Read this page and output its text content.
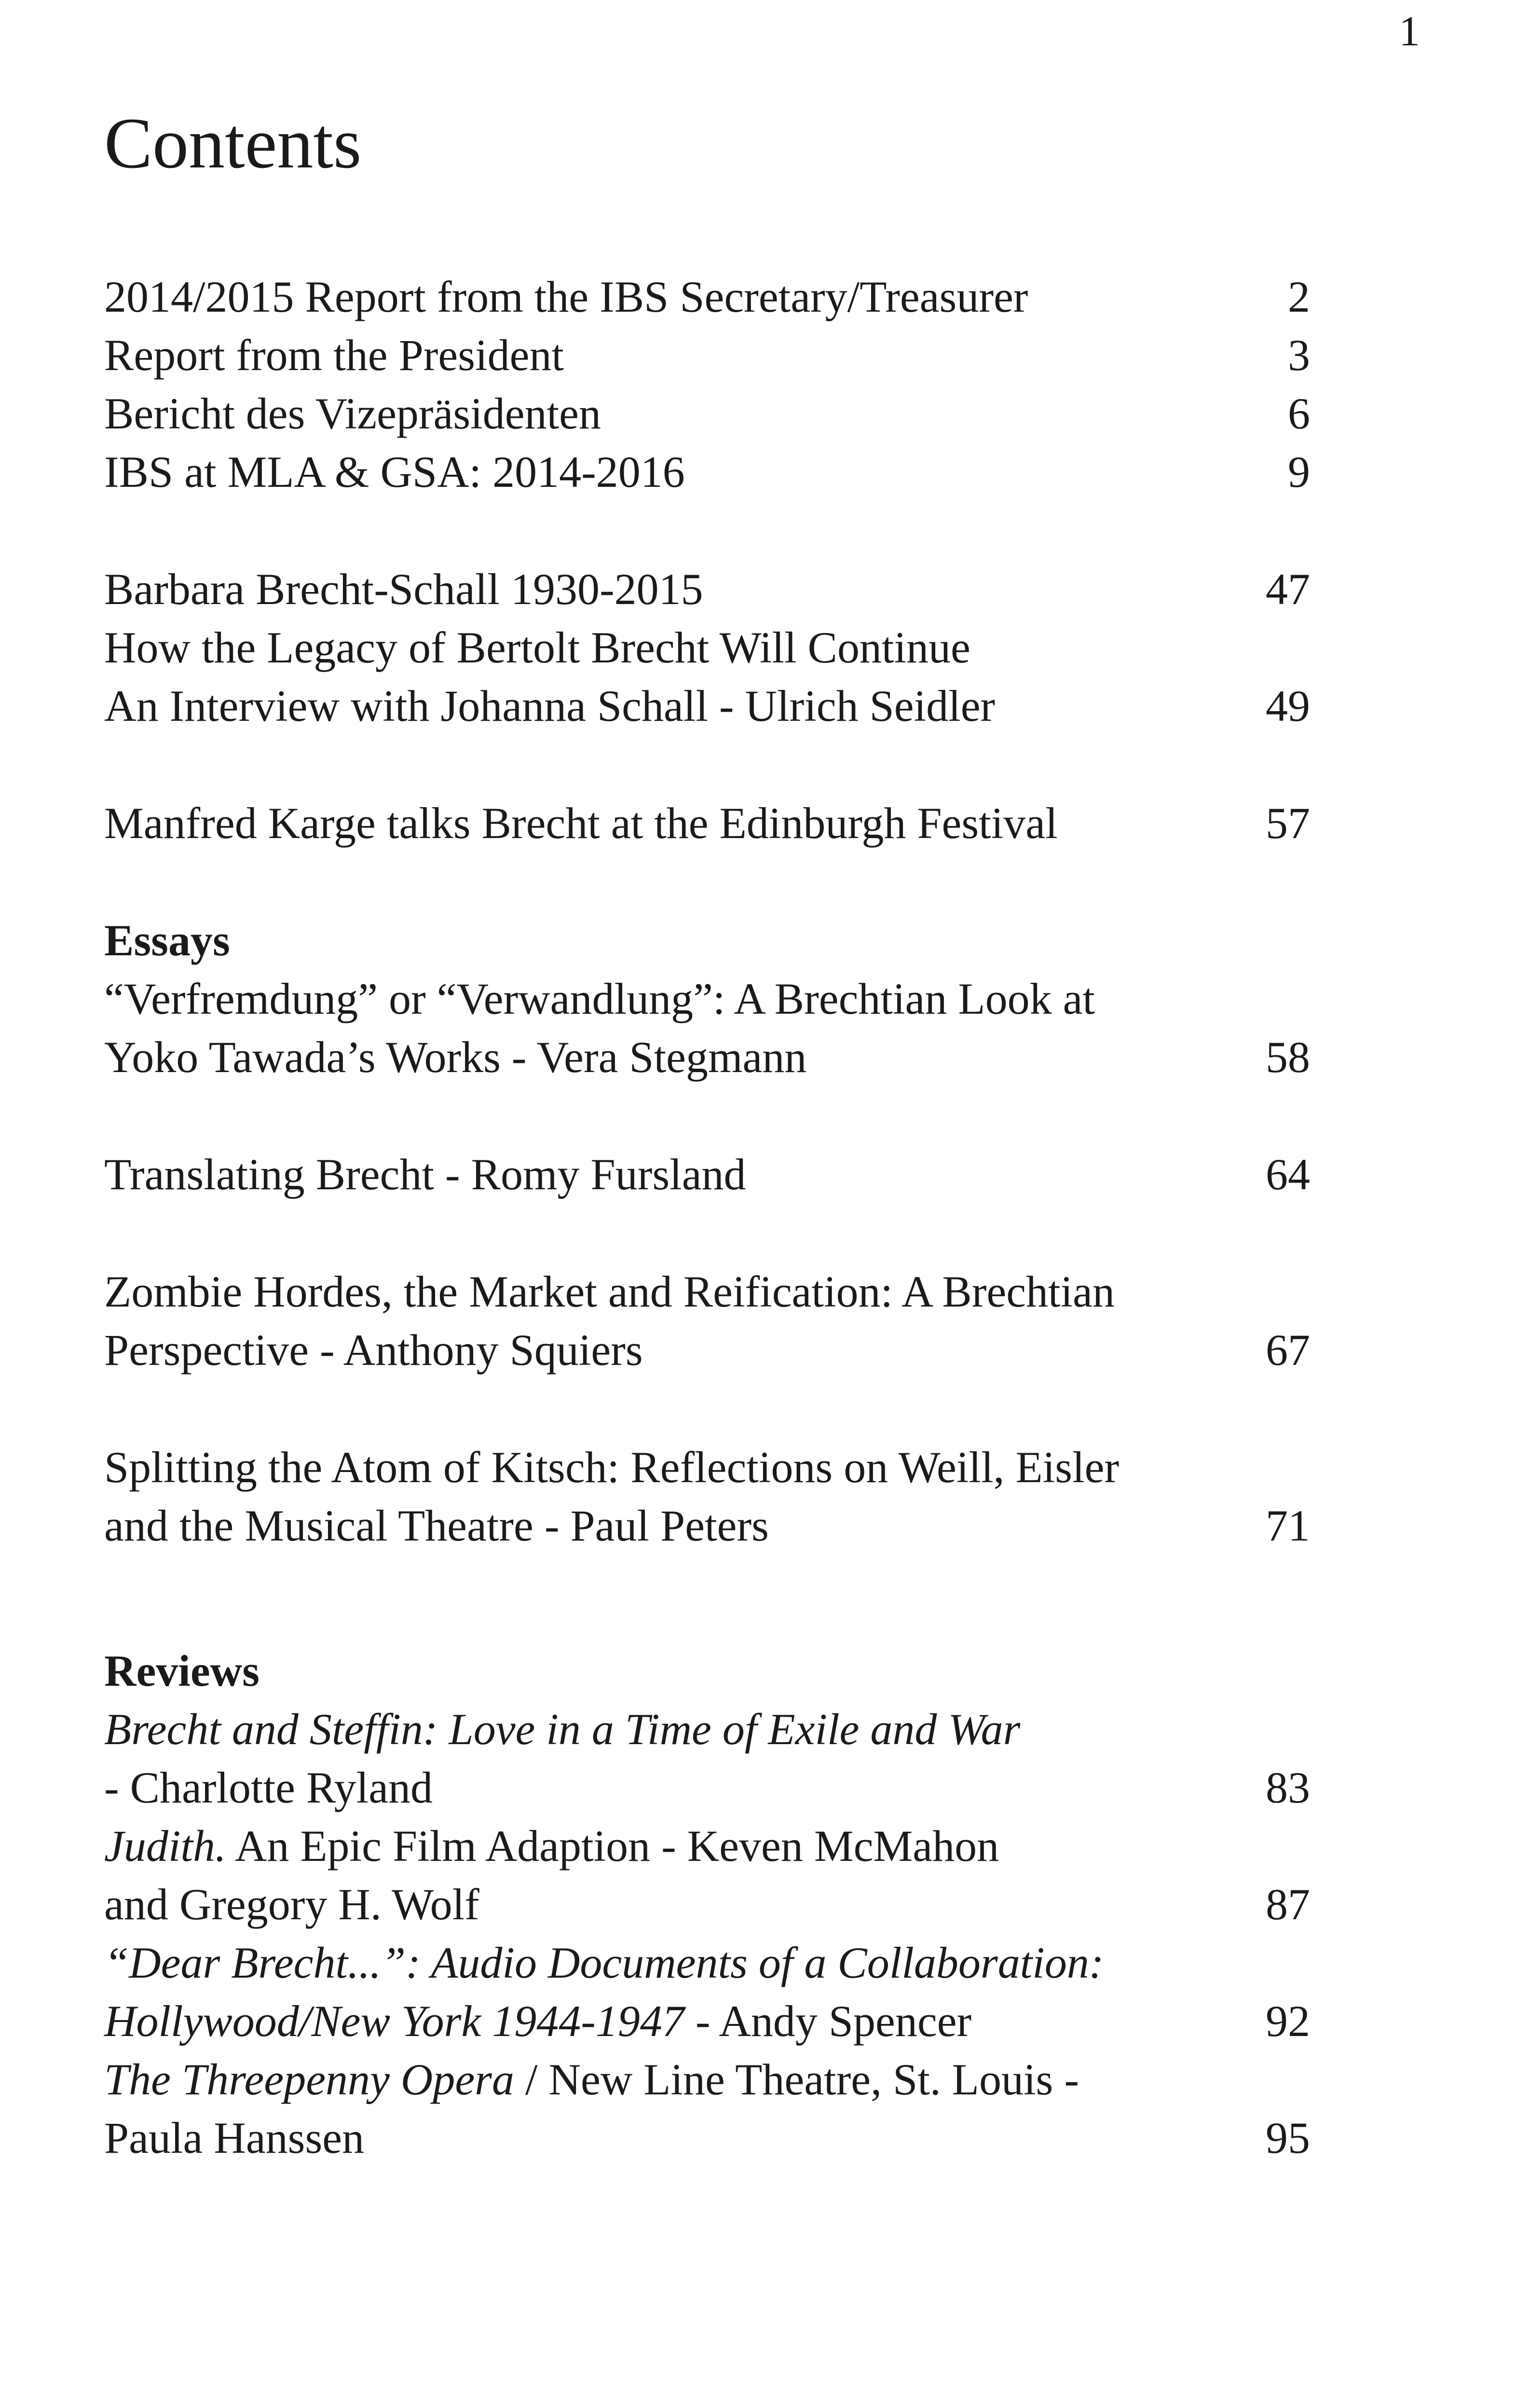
1
Contents
2014/2015 Report from the IBS Secretary/Treasurer	2
Report from the President	3
Bericht des Vizepräsidenten	6
IBS at MLA & GSA: 2014-2016	9
Barbara Brecht-Schall 1930-2015	47
How the Legacy of Bertolt Brecht Will Continue
An Interview with Johanna Schall - Ulrich Seidler	49
Manfred Karge talks Brecht at the Edinburgh Festival	57
Essays
“Verfremdung” or “Verwandlung”: A Brechtian Look at
Yoko Tawada’s Works - Vera Stegmann	58
Translating Brecht - Romy Fursland	64
Zombie Hordes, the Market and Reification: A Brechtian
Perspective - Anthony Squiers	67
Splitting the Atom of Kitsch: Reflections on Weill, Eisler
and the Musical Theatre - Paul Peters	71
Reviews
Brecht and Steffin: Love in a Time of Exile and War
- Charlotte Ryland	83
Judith. An Epic Film Adaption - Keven McMahon
and Gregory H. Wolf	87
“Dear Brecht...”: Audio Documents of a Collaboration:
Hollywood/New York 1944-1947 - Andy Spencer	92
The Threepenny Opera / New Line Theatre, St. Louis -
Paula Hanssen	95
